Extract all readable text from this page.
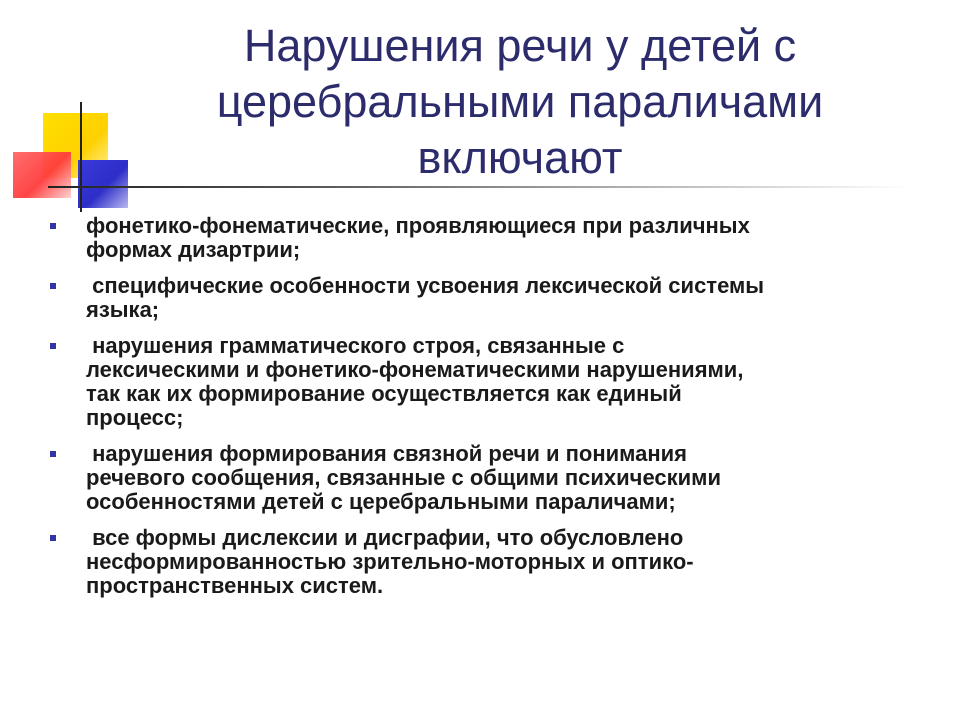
Нарушения речи у детей с
церебральными параличами
включают
фонетико-фонематические, проявляющиеся при различных
формах дизартрии;
специфические особенности усвоения лексической системы
языка;
нарушения грамматического строя, связанные с
лексическими и фонетико-фонематическими нарушениями,
так как их формирование осуществляется как единый
процесс;
нарушения формирования связной речи и понимания
речевого сообщения, связанные с общими психическими
особенностями детей с церебральными параличами;
все формы дислексии и дисграфии, что обусловлено
несформированностью зрительно-моторных и оптико-
пространственных систем.
